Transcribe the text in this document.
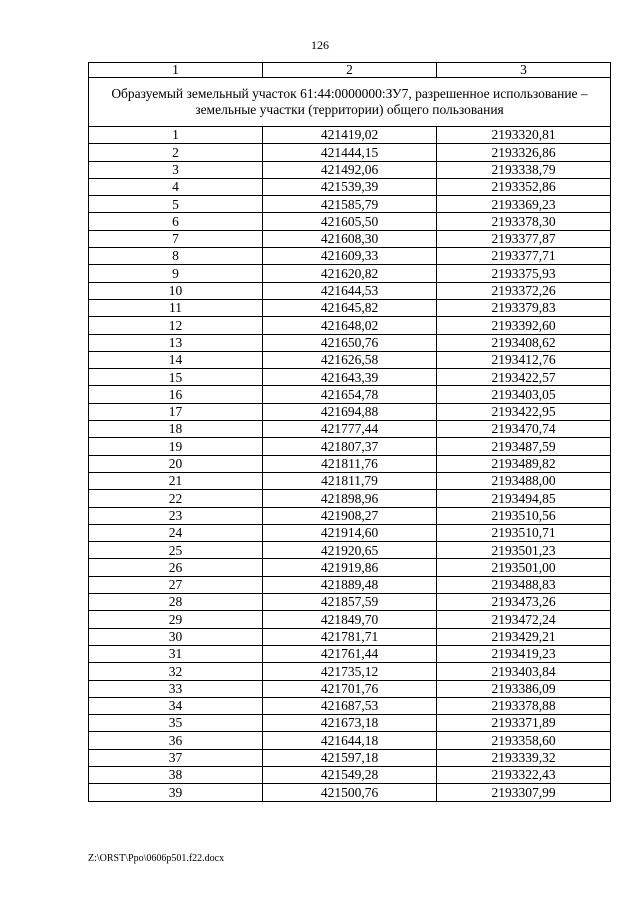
126
1	2	3
Образуемый земельный участок 61:44:0000000:ЗУ7, разрешенное использование – земельные участки (территории) общего пользования		
1	421419,02	2193320,81
2	421444,15	2193326,86
3	421492,06	2193338,79
4	421539,39	2193352,86
5	421585,79	2193369,23
6	421605,50	2193378,30
7	421608,30	2193377,87
8	421609,33	2193377,71
9	421620,82	2193375,93
10	421644,53	2193372,26
11	421645,82	2193379,83
12	421648,02	2193392,60
13	421650,76	2193408,62
14	421626,58	2193412,76
15	421643,39	2193422,57
16	421654,78	2193403,05
17	421694,88	2193422,95
18	421777,44	2193470,74
19	421807,37	2193487,59
20	421811,76	2193489,82
21	421811,79	2193488,00
22	421898,96	2193494,85
23	421908,27	2193510,56
24	421914,60	2193510,71
25	421920,65	2193501,23
26	421919,86	2193501,00
27	421889,48	2193488,83
28	421857,59	2193473,26
29	421849,70	2193472,24
30	421781,71	2193429,21
31	421761,44	2193419,23
32	421735,12	2193403,84
33	421701,76	2193386,09
34	421687,53	2193378,88
35	421673,18	2193371,89
36	421644,18	2193358,60
37	421597,18	2193339,32
38	421549,28	2193322,43
39	421500,76	2193307,99
Z:\ORST\Ppo\0606p501.f22.docx
